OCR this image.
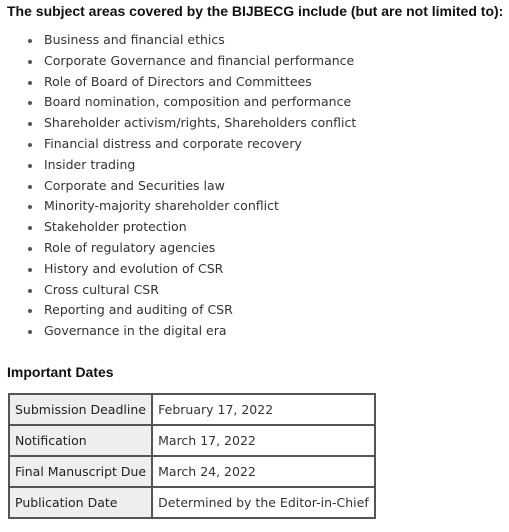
The subject areas covered by the BIJBECG include (but are not limited to):
Business and financial ethics
Corporate Governance and financial performance
Role of Board of Directors and Committees
Board nomination, composition and performance
Shareholder activism/rights, Shareholders conflict
Financial distress and corporate recovery
Insider trading
Corporate and Securities law
Minority-majority shareholder conflict
Stakeholder protection
Role of regulatory agencies
History and evolution of CSR
Cross cultural CSR
Reporting and auditing of CSR
Governance in the digital era
Important Dates
Submission Deadline	February 17, 2022
Notification	March 17, 2022
Final Manuscript Due	March 24, 2022
Publication Date	Determined by the Editor-in-Chief
